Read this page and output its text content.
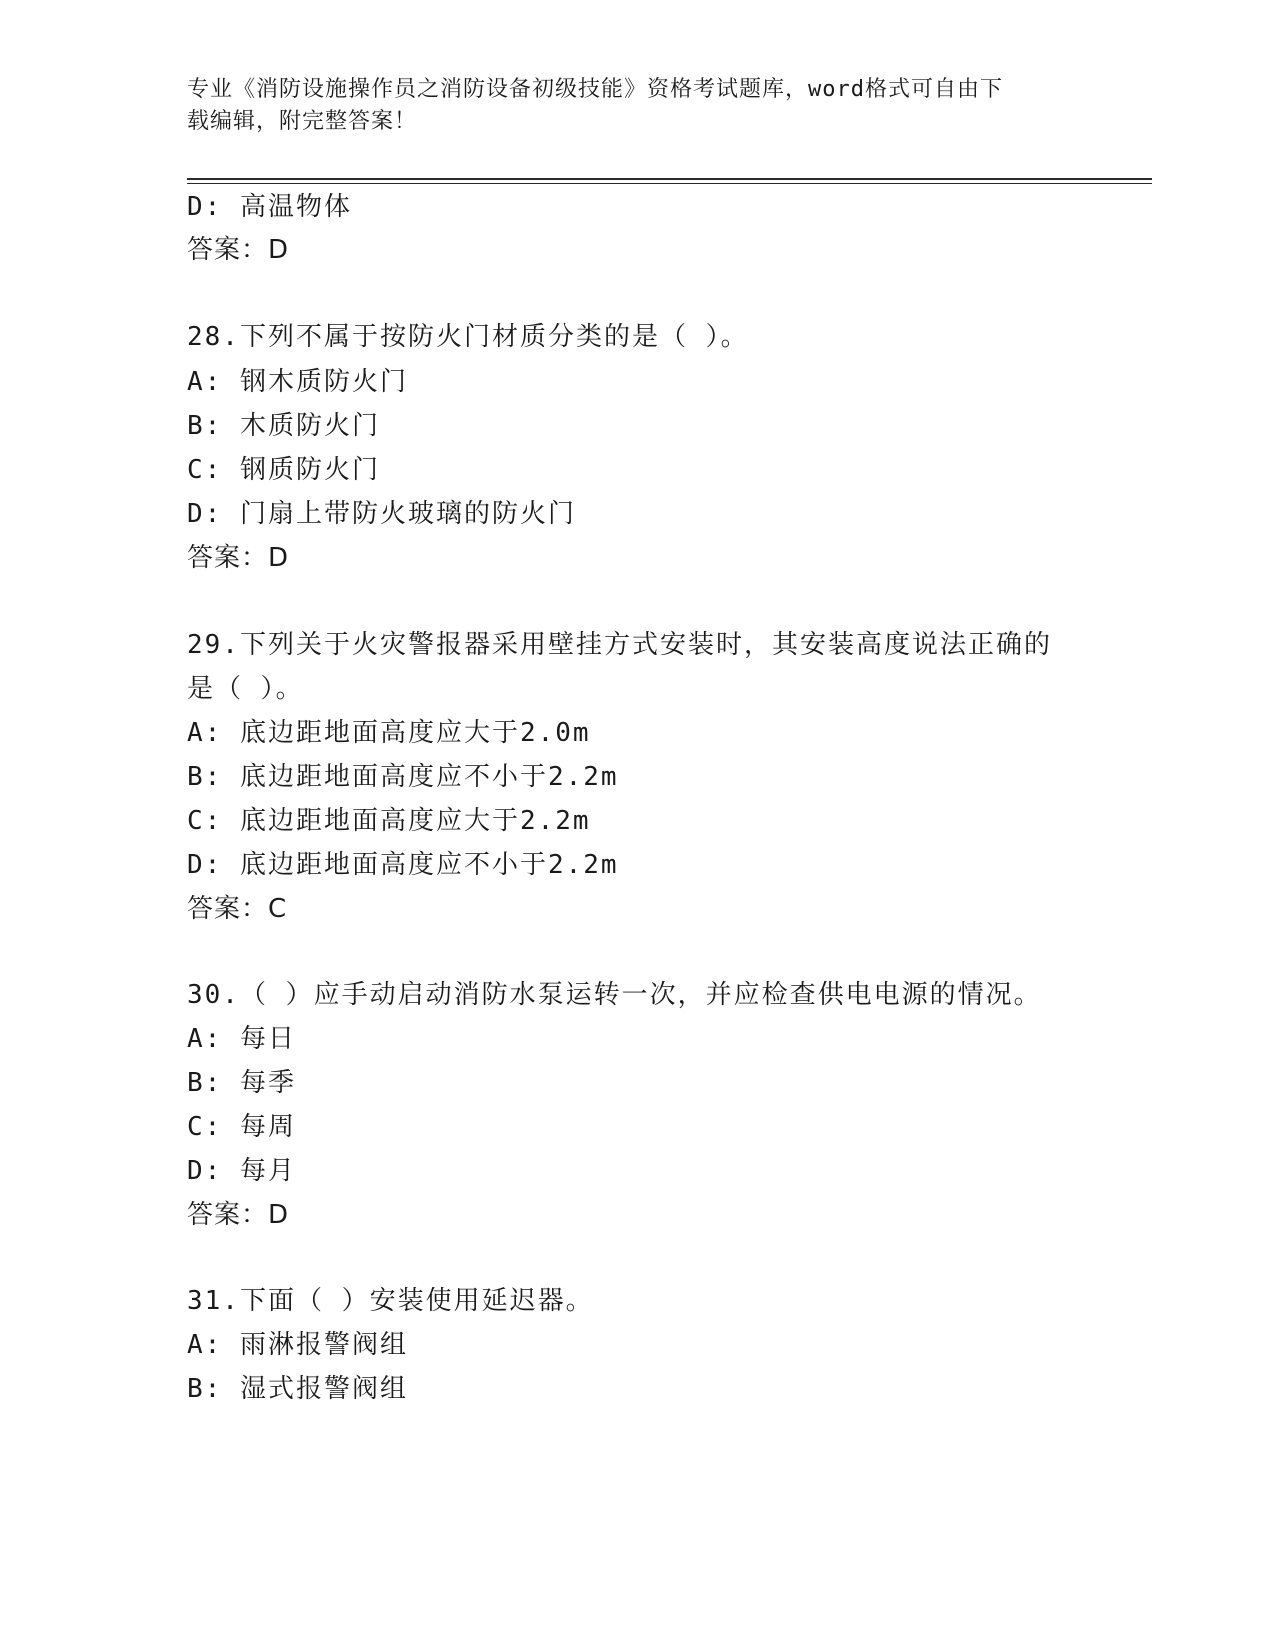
专业《消防设施操作员之消防设备初级技能》资格考试题库，word格式可自由下
载编辑，附完整答案！
D: 高温物体
答案：D
28.下列不属于按防火门材质分类的是（ ）。
A: 钢木质防火门
B: 木质防火门
C: 钢质防火门
D: 门扇上带防火玻璃的防火门
答案：D
29.下列关于火灾警报器采用壁挂方式安装时，其安装高度说法正确的
是（ ）。
A: 底边距地面高度应大于2.0m
B: 底边距地面高度应不小于2.2m
C: 底边距地面高度应大于2.2m
D: 底边距地面高度应不小于2.2m
答案：C
30.（ ）应手动启动消防水泵运转一次，并应检查供电电源的情况。
A: 每日
B: 每季
C: 每周
D: 每月
答案：D
31.下面（ ）安装使用延迟器。
A: 雨淋报警阀组
B: 湿式报警阀组
